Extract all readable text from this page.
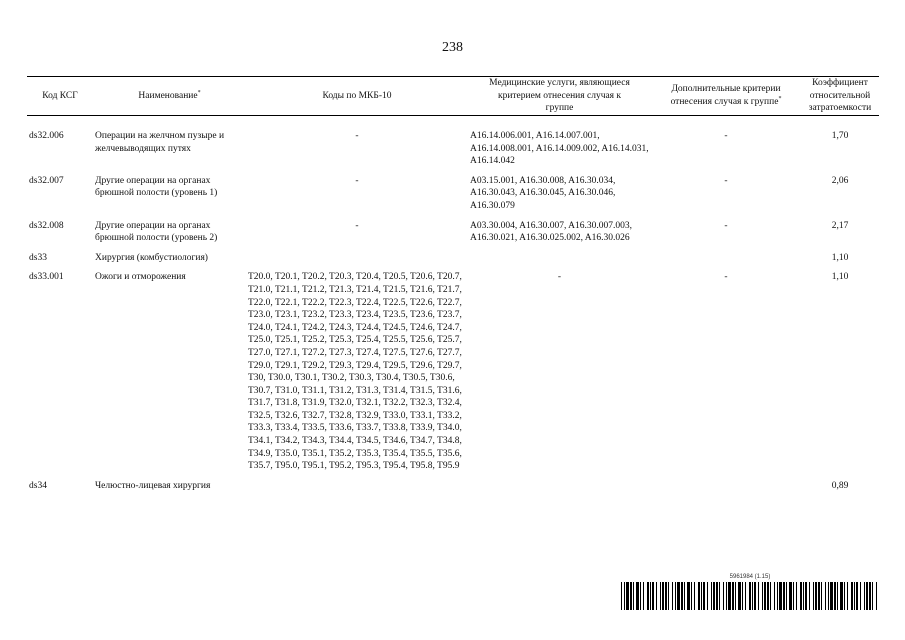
238
Код КСГ	Наименование*	Коды по МКБ-10	Медицинские услуги, являющиеся критерием отнесения случая к группе	Дополнительные критерии отнесения случая к группе*	Коэффициент относительной затратоемкости
ds32.006	Операции на желчном пузыре и желчевыводящих путях	-	A16.14.006.001, A16.14.007.001, A16.14.008.001, A16.14.009.002, A16.14.031, A16.14.042	-	1,70
ds32.007	Другие операции на органах брюшной полости (уровень 1)	-	A03.15.001, A16.30.008, A16.30.034, A16.30.043, A16.30.045, A16.30.046, A16.30.079	-	2,06
ds32.008	Другие операции на органах брюшной полости (уровень 2)	-	A03.30.004, A16.30.007, A16.30.007.003, A16.30.021, A16.30.025.002, A16.30.026	-	2,17
ds33	Хирургия (комбустиология)				1,10
ds33.001	Ожоги и отморожения	T20.0, T20.1, T20.2, T20.3, T20.4, T20.5, T20.6, T20.7, T21.0, T21.1, T21.2, T21.3, T21.4, T21.5, T21.6, T21.7, T22.0, T22.1, T22.2, T22.3, T22.4, T22.5, T22.6, T22.7, T23.0, T23.1, T23.2, T23.3, T23.4, T23.5, T23.6, T23.7, T24.0, T24.1, T24.2, T24.3, T24.4, T24.5, T24.6, T24.7, T25.0, T25.1, T25.2, T25.3, T25.4, T25.5, T25.6, T25.7, T27.0, T27.1, T27.2, T27.3, T27.4, T27.5, T27.6, T27.7, T29.0, T29.1, T29.2, T29.3, T29.4, T29.5, T29.6, T29.7, T30, T30.0, T30.1, T30.2, T30.3, T30.4, T30.5, T30.6, T30.7, T31.0, T31.1, T31.2, T31.3, T31.4, T31.5, T31.6, T31.7, T31.8, T31.9, T32.0, T32.1, T32.2, T32.3, T32.4, T32.5, T32.6, T32.7, T32.8, T32.9, T33.0, T33.1, T33.2, T33.3, T33.4, T33.5, T33.6, T33.7, T33.8, T33.9, T34.0, T34.1, T34.2, T34.3, T34.4, T34.5, T34.6, T34.7, T34.8, T34.9, T35.0, T35.1, T35.2, T35.3, T35.4, T35.5, T35.6, T35.7, T95.0, T95.1, T95.2, T95.3, T95.4, T95.8, T95.9	-	-	1,10
ds34	Челюстно-лицевая хирургия				0,89
5961984 (1.15)
